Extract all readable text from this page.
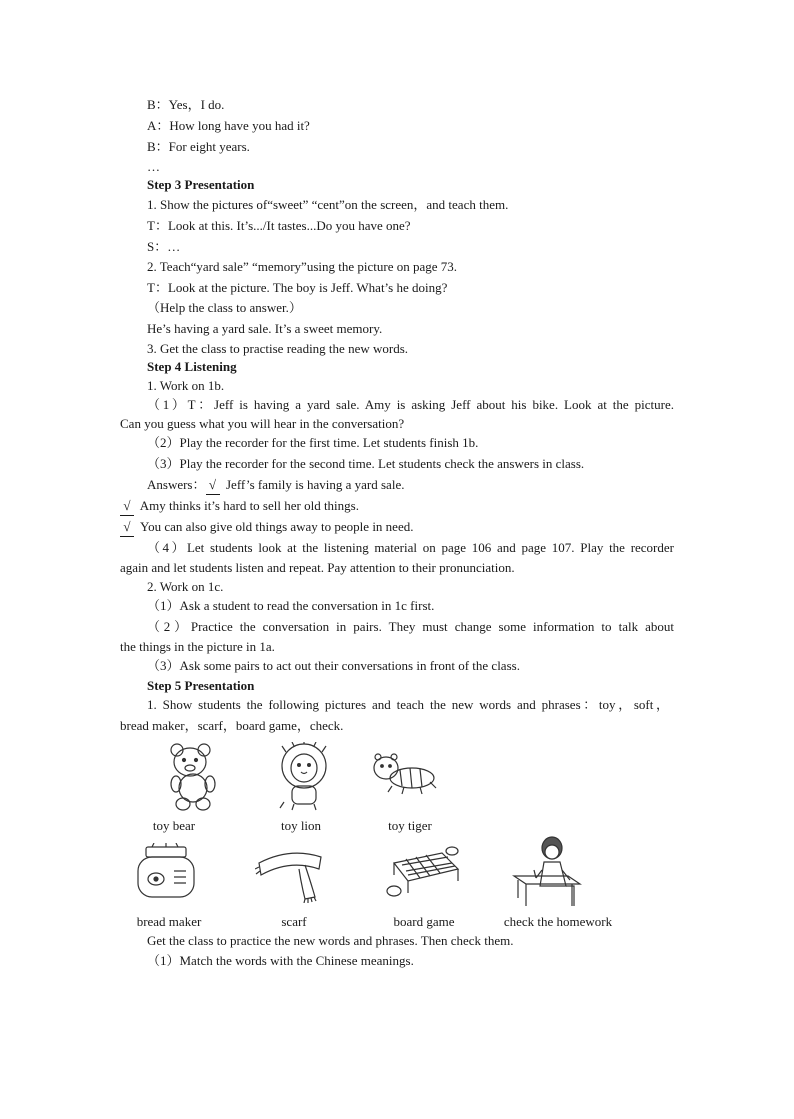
B：Yes，I do.
A：How long have you had it?
B：For eight years.
…
Step 3 Presentation
1. Show the pictures of“sweet” “cent”on the screen，and teach them.
T：Look at this. It’s.../It tastes...Do you have one?
S：…
2. Teach“yard sale” “memory”using the picture on page 73.
T：Look at the picture. The boy is Jeff. What’s he doing?
（Help the class to answer.）
He’s having a yard sale. It’s a sweet memory.
3. Get the class to practise reading the new words.
Step 4 Listening
1. Work on 1b.
（1）T：Jeff is having a yard sale. Amy is asking Jeff about his bike. Look at the picture.
Can you guess what you will hear in the conversation?
（2）Play the recorder for the first time. Let students finish 1b.
（3）Play the recorder for the second time. Let students check the answers in class.
Answers： √ Jeff’s family is having a yard sale.
√ Amy thinks it’s hard to sell her old things.
√ You can also give old things away to people in need.
（4）Let students look at the listening material on page 106 and page 107. Play the recorder
again and let students listen and repeat. Pay attention to their pronunciation.
2. Work on 1c.
（1）Ask a student to read the conversation in 1c first.
（2）Practice the conversation in pairs. They must change some information to talk about
the things in the picture in 1a.
（3）Ask some pairs to act out their conversations in front of the class.
Step 5 Presentation
1. Show students the following pictures and teach the new words and phrases：toy，soft，
bread maker，scarf，board game，check.
toy bear	toy lion	toy tiger
bread maker	scarf	board game	check the homework
Get the class to practice the new words and phrases. Then check them.
（1）Match the words with the Chinese meanings.
